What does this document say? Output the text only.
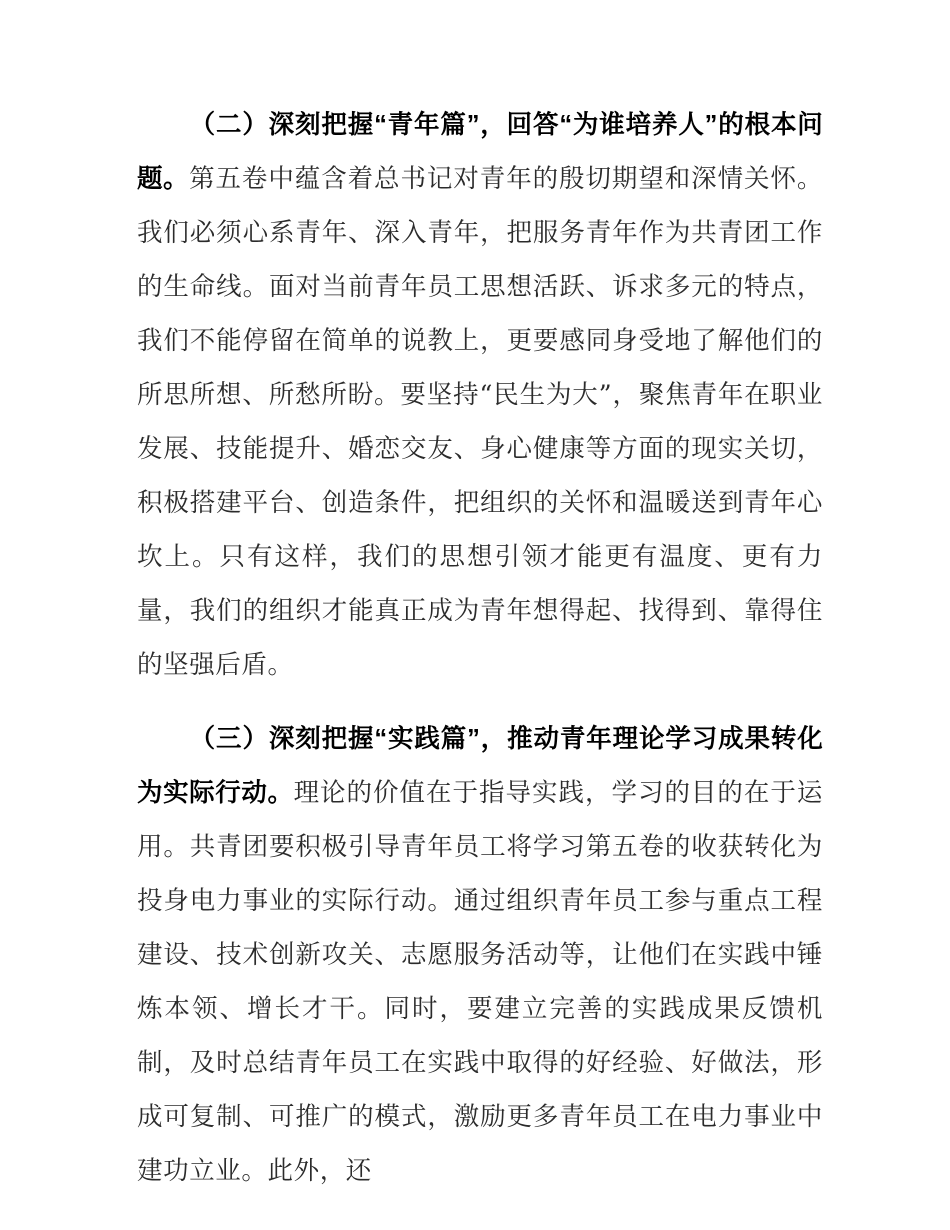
（二）深刻把握“青年篇”，回答“为谁培养人”的根本问题。第五卷中蕴含着总书记对青年的殷切期望和深情关怀。我们必须心系青年、深入青年，把服务青年作为共青团工作的生命线。面对当前青年员工思想活跃、诉求多元的特点，我们不能停留在简单的说教上，更要感同身受地了解他们的所思所想、所愁所盼。要坚持“民生为大”，聚焦青年在职业发展、技能提升、婚恋交友、身心健康等方面的现实关切，积极搭建平台、创造条件，把组织的关怀和温暖送到青年心坎上。只有这样，我们的思想引领才能更有温度、更有力量，我们的组织才能真正成为青年想得起、找得到、靠得住的坚强后盾。

（三）深刻把握“实践篇”，推动青年理论学习成果转化为实际行动。理论的价值在于指导实践，学习的目的在于运用。共青团要积极引导青年员工将学习第五卷的收获转化为投身电力事业的实际行动。通过组织青年员工参与重点工程建设、技术创新攻关、志愿服务活动等，让他们在实践中锤炼本领、增长才干。同时，要建立完善的实践成果反馈机制，及时总结青年员工在实践中取得的好经验、好做法，形成可复制、可推广的模式，激励更多青年员工在电力事业中建功立业。此外，还
